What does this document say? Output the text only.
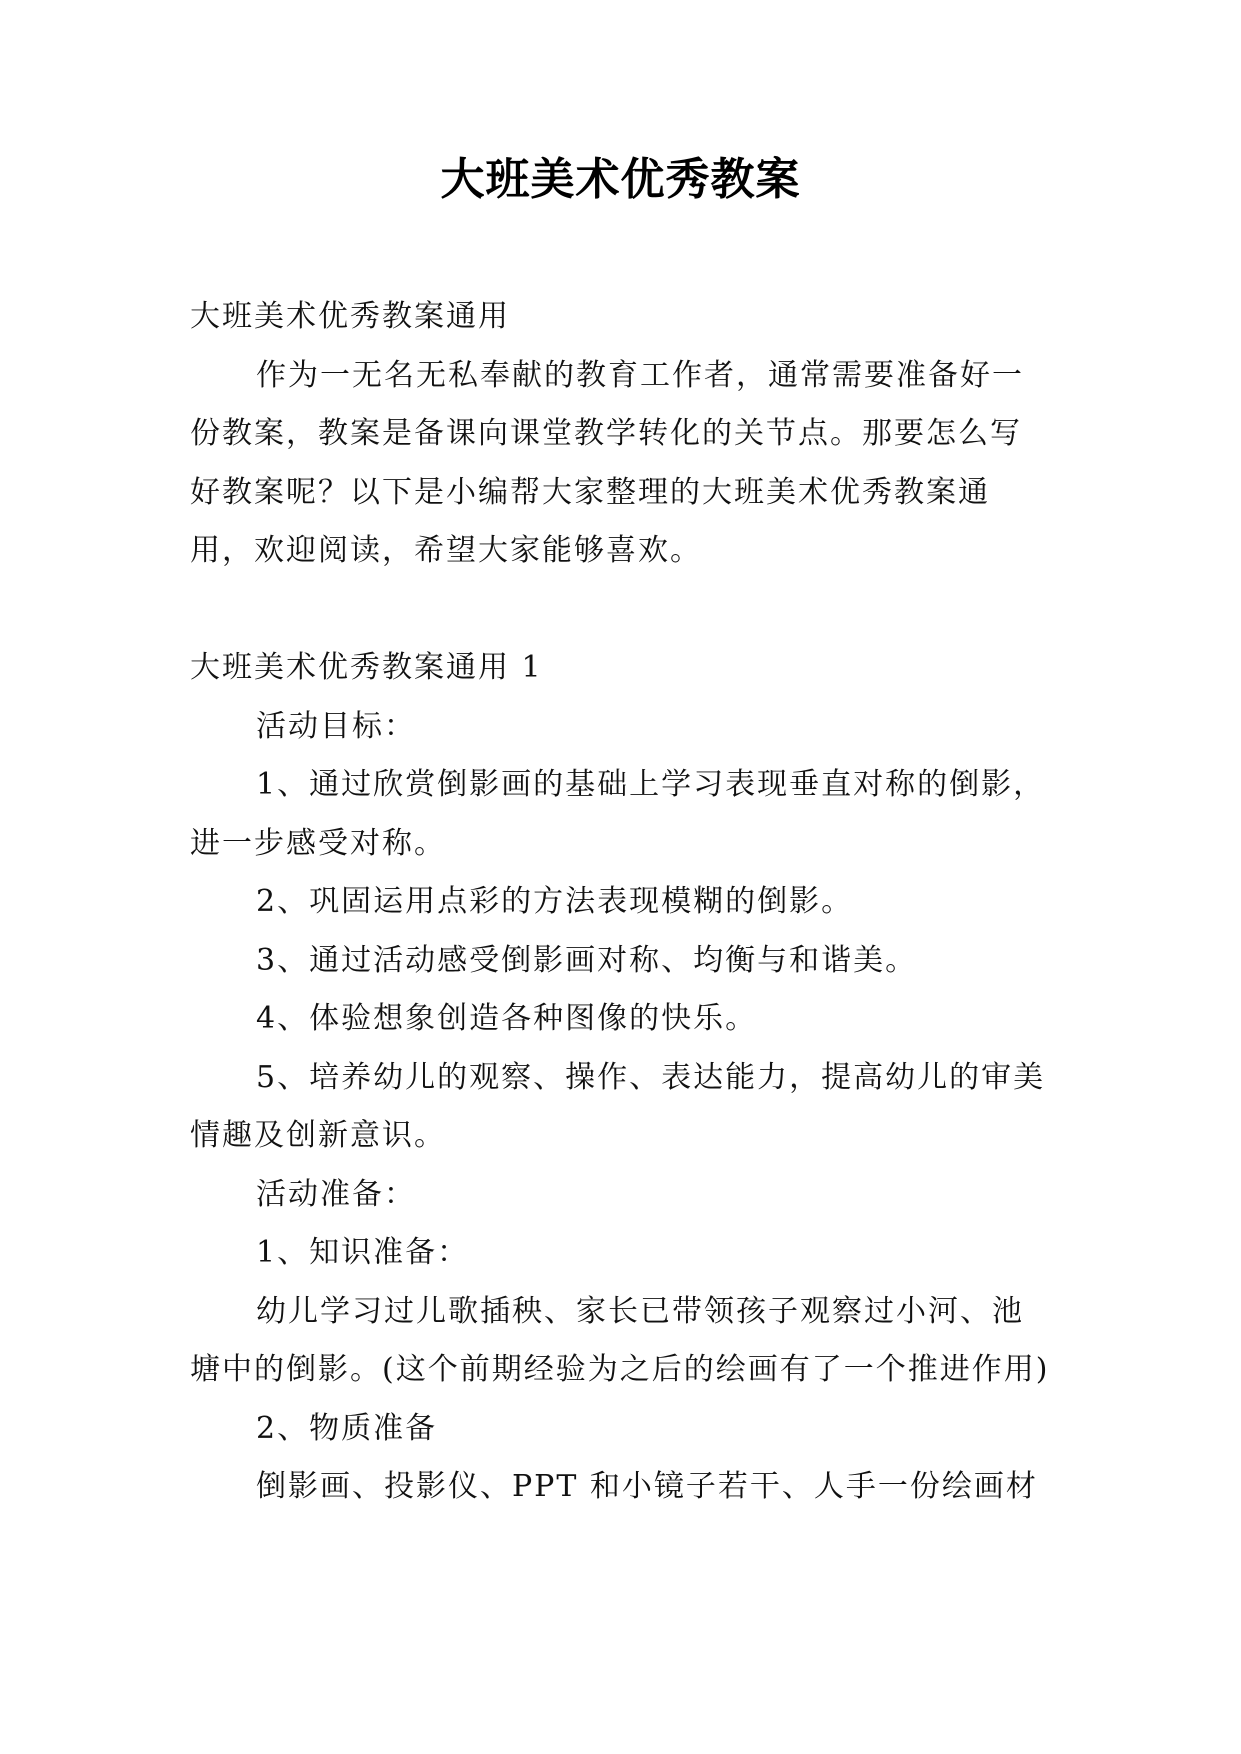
大班美术优秀教案

大班美术优秀教案通用

作为一无名无私奉献的教育工作者，通常需要准备好一份教案，教案是备课向课堂教学转化的关节点。那要怎么写好教案呢？以下是小编帮大家整理的大班美术优秀教案通用，欢迎阅读，希望大家能够喜欢。

大班美术优秀教案通用 1

活动目标：

1、通过欣赏倒影画的基础上学习表现垂直对称的倒影，进一步感受对称。

2、巩固运用点彩的方法表现模糊的倒影。

3、通过活动感受倒影画对称、均衡与和谐美。

4、体验想象创造各种图像的快乐。

5、培养幼儿的观察、操作、表达能力，提高幼儿的审美情趣及创新意识。

活动准备：

1、知识准备：

幼儿学习过儿歌插秧、家长已带领孩子观察过小河、池塘中的倒影。(这个前期经验为之后的绘画有了一个推进作用)

2、物质准备

倒影画、投影仪、PPT 和小镜子若干、人手一份绘画材
